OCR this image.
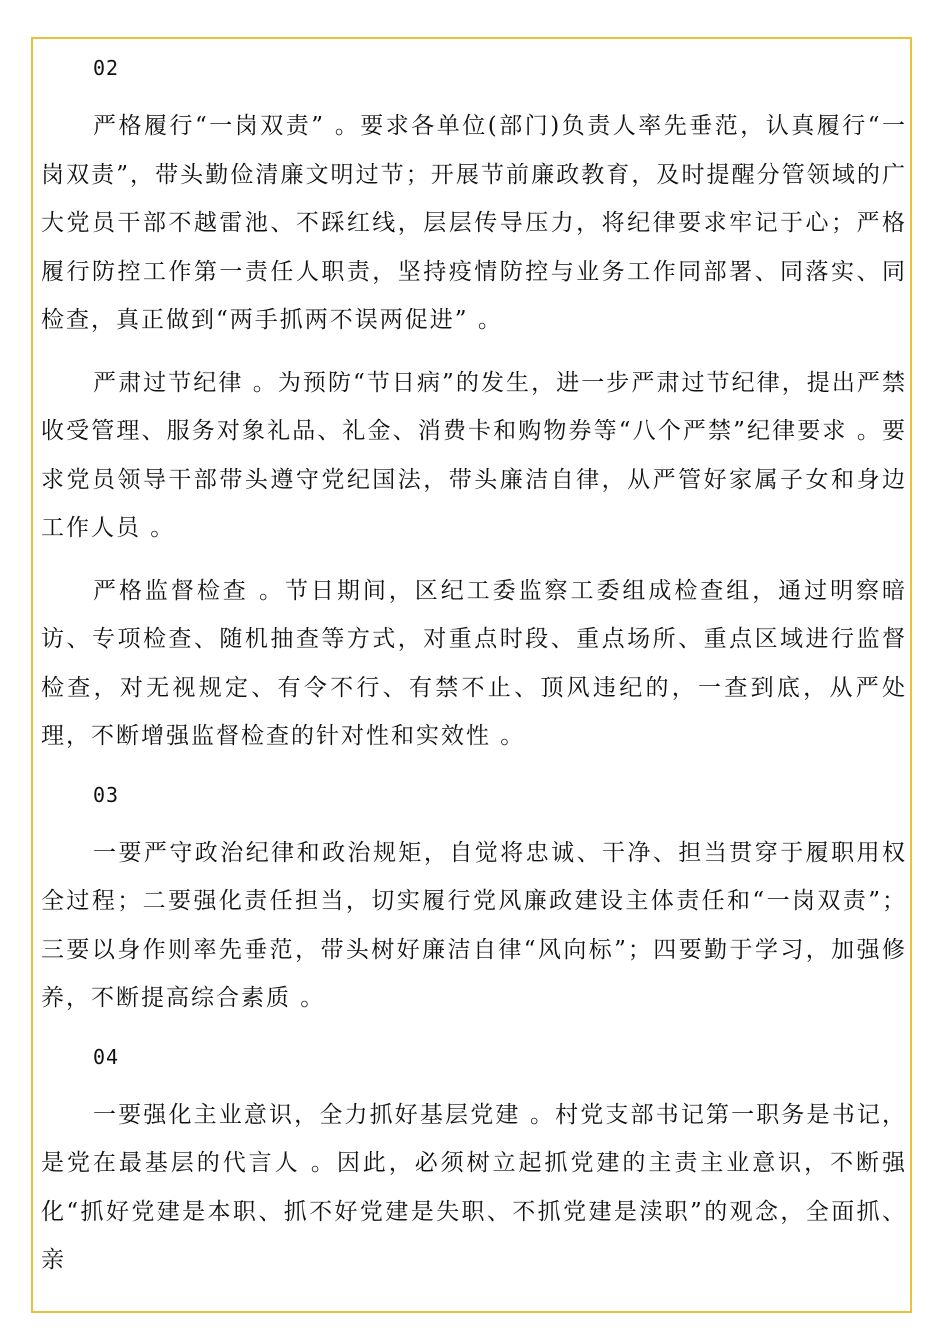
02

严格履行“一岗双责” 。要求各单位(部门)负责人率先垂范，认真履行“一岗双责”，带头勤俭清廉文明过节；开展节前廉政教育，及时提醒分管领域的广大党员干部不越雷池、不踩红线，层层传导压力，将纪律要求牢记于心；严格履行防控工作第一责任人职责，坚持疫情防控与业务工作同部署、同落实、同检查，真正做到“两手抓两不误两促进” 。

严肃过节纪律 。为预防“节日病”的发生，进一步严肃过节纪律，提出严禁收受管理、服务对象礼品、礼金、消费卡和购物券等“八个严禁”纪律要求 。要求党员领导干部带头遵守党纪国法，带头廉洁自律，从严管好家属子女和身边工作人员 。

严格监督检查 。节日期间，区纪工委监察工委组成检查组，通过明察暗访、专项检查、随机抽查等方式，对重点时段、重点场所、重点区域进行监督检查，对无视规定、有令不行、有禁不止、顶风违纪的，一查到底，从严处理，不断增强监督检查的针对性和实效性 。

03

一要严守政治纪律和政治规矩，自觉将忠诚、干净、担当贯穿于履职用权全过程；二要强化责任担当，切实履行党风廉政建设主体责任和“一岗双责”；三要以身作则率先垂范，带头树好廉洁自律“风向标”；四要勤于学习，加强修养，不断提高综合素质 。

04

一要强化主业意识，全力抓好基层党建 。村党支部书记第一职务是书记，是党在最基层的代言人 。因此，必须树立起抓党建的主责主业意识，不断强化“抓好党建是本职、抓不好党建是失职、不抓党建是渎职”的观念，全面抓、亲
